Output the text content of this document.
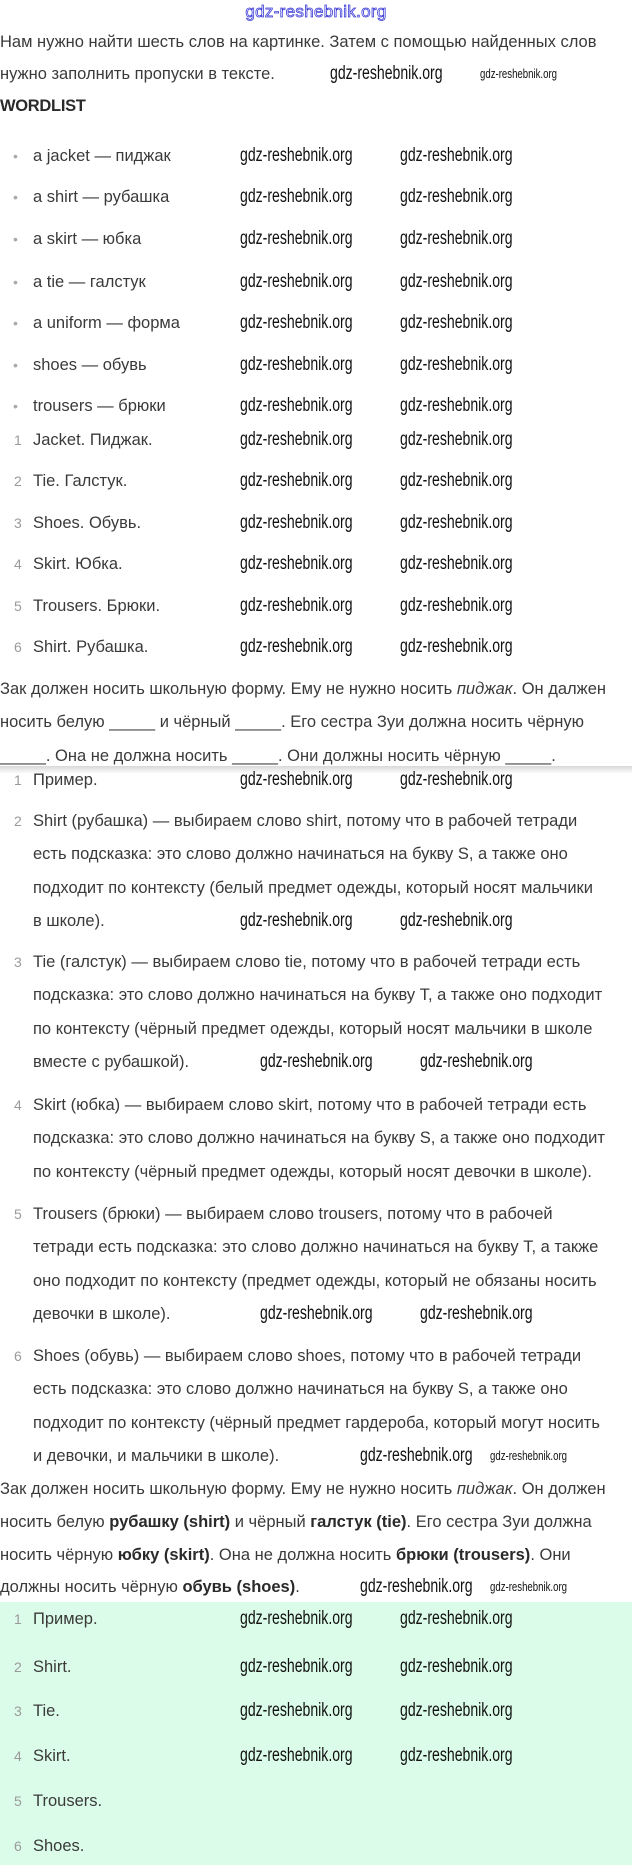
gdz-reshebnik.org
Нам нужно найти шесть слов на картинке. Затем с помощью найденных слов
нужно заполнить пропуски в тексте.
WORDLIST
• a jacket — пиджак
• a shirt — рубашка
• a skirt — юбка
• a tie — галстук
• a uniform — форма
• shoes — обувь
• trousers — брюки
1 Jacket. Пиджак.
2 Tie. Галстук.
3 Shoes. Обувь.
4 Skirt. Юбка.
5 Trousers. Брюки.
6 Shirt. Рубашка.
Зак должен носить школьную форму. Ему не нужно носить пиджак. Он далжен
носить белую _____ и чёрный _____. Его сестра Зуи должна носить чёрную
_____. Она не должна носить _____. Они должны носить чёрную _____.
1 Пример.
2 Shirt (рубашка) — выбираем слово shirt, потому что в рабочей тетради
есть подсказка: это слово должно начинаться на букву S, а также оно
подходит по контексту (белый предмет одежды, который носят мальчики
в школе).
3 Tie (галстук) — выбираем слово tie, потому что в рабочей тетради есть
подсказка: это слово должно начинаться на букву T, а также оно подходит
по контексту (чёрный предмет одежды, который носят мальчики в школе
вместе с рубашкой).
4 Skirt (юбка) — выбираем слово skirt, потому что в рабочей тетради есть
подсказка: это слово должно начинаться на букву S, а также оно подходит
по контексту (чёрный предмет одежды, который носят девочки в школе).
5 Trousers (брюки) — выбираем слово trousers, потому что в рабочей
тетради есть подсказка: это слово должно начинаться на букву T, а также
оно подходит по контексту (предмет одежды, который не обязаны носить
девочки в школе).
6 Shoes (обувь) — выбираем слово shoes, потому что в рабочей тетради
есть подсказка: это слово должно начинаться на букву S, а также оно
подходит по контексту (чёрный предмет гардероба, который могут носить
и девочки, и мальчики в школе).
Зак должен носить школьную форму. Ему не нужно носить пиджак. Он должен
носить белую рубашку (shirt) и чёрный галстук (tie). Его сестра Зуи должна
носить чёрную юбку (skirt). Она не должна носить брюки (trousers). Они
должны носить чёрную обувь (shoes).
1 Пример.
2 Shirt.
3 Tie.
4 Skirt.
5 Trousers.
6 Shoes.
gdz-reshebnik.org	gdz-reshebnik.org
gdz-reshebnik.org gdz-reshebnik.org
gdz-reshebnik.org gdz-reshebnik.org
gdz-reshebnik.org gdz-reshebnik.org
gdz-reshebnik.org gdz-reshebnik.org
gdz-reshebnik.org gdz-reshebnik.org
gdz-reshebnik.org gdz-reshebnik.org
gdz-reshebnik.org gdz-reshebnik.org
gdz-reshebnik.org gdz-reshebnik.org
gdz-reshebnik.org gdz-reshebnik.org
gdz-reshebnik.org gdz-reshebnik.org
gdz-reshebnik.org gdz-reshebnik.org
gdz-reshebnik.org gdz-reshebnik.org
gdz-reshebnik.org gdz-reshebnik.org
gdz-reshebnik.org gdz-reshebnik.org
gdz-reshebnik.org gdz-reshebnik.org
gdz-reshebnik.org gdz-reshebnik.org
gdz-reshebnik.org gdz-reshebnik.org
gdz-reshebnik.org gdz-reshebnik.org
gdz-reshebnik.org gdz-reshebnik.org
gdz-reshebnik.org gdz-reshebnik.org
gdz-reshebnik.org gdz-reshebnik.org
gdz-reshebnik.org gdz-reshebnik.org
gdz-reshebnik.org gdz-reshebnik.org
